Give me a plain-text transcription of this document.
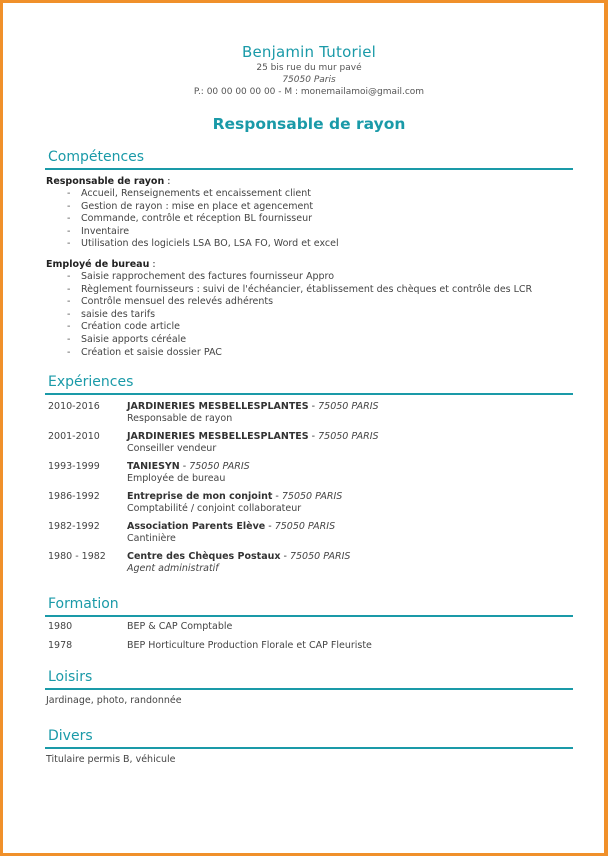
Benjamin Tutoriel
25 bis rue du mur pavé
75050 Paris
P.: 00 00 00 00 00 - M : monemailamoi@gmail.com
Responsable de rayon
Compétences
Responsable de rayon :
- Accueil, Renseignements et encaissement client
- Gestion de rayon : mise en place et agencement
- Commande, contrôle et réception BL fournisseur
- Inventaire
- Utilisation des logiciels LSA BO, LSA FO, Word et excel
Employé de bureau :
- Saisie rapprochement des factures fournisseur Appro
- Règlement fournisseurs : suivi de l'échéancier, établissement des chèques et contrôle des LCR
- Contrôle mensuel des relevés adhérents
- saisie des tarifs
- Création code article
- Saisie apports céréale
- Création et saisie dossier PAC
Expériences
2010-2016	JARDINERIES MESBELLESPLANTES - 75050 PARIS
Responsable de rayon
2001-2010	JARDINERIES MESBELLESPLANTES - 75050 PARIS
Conseiller vendeur
1993-1999	TANIESYN - 75050 PARIS
Employée de bureau
1986-1992	Entreprise de mon conjoint - 75050 PARIS
Comptabilité / conjoint collaborateur
1982-1992	Association Parents Elève - 75050 PARIS
Cantinière
1980 - 1982	Centre des Chèques Postaux - 75050 PARIS
Agent administratif
Formation
1980	BEP & CAP Comptable
1978	BEP Horticulture Production Florale et CAP Fleuriste
Loisirs
Jardinage, photo, randonnée
Divers
Titulaire permis B, véhicule
